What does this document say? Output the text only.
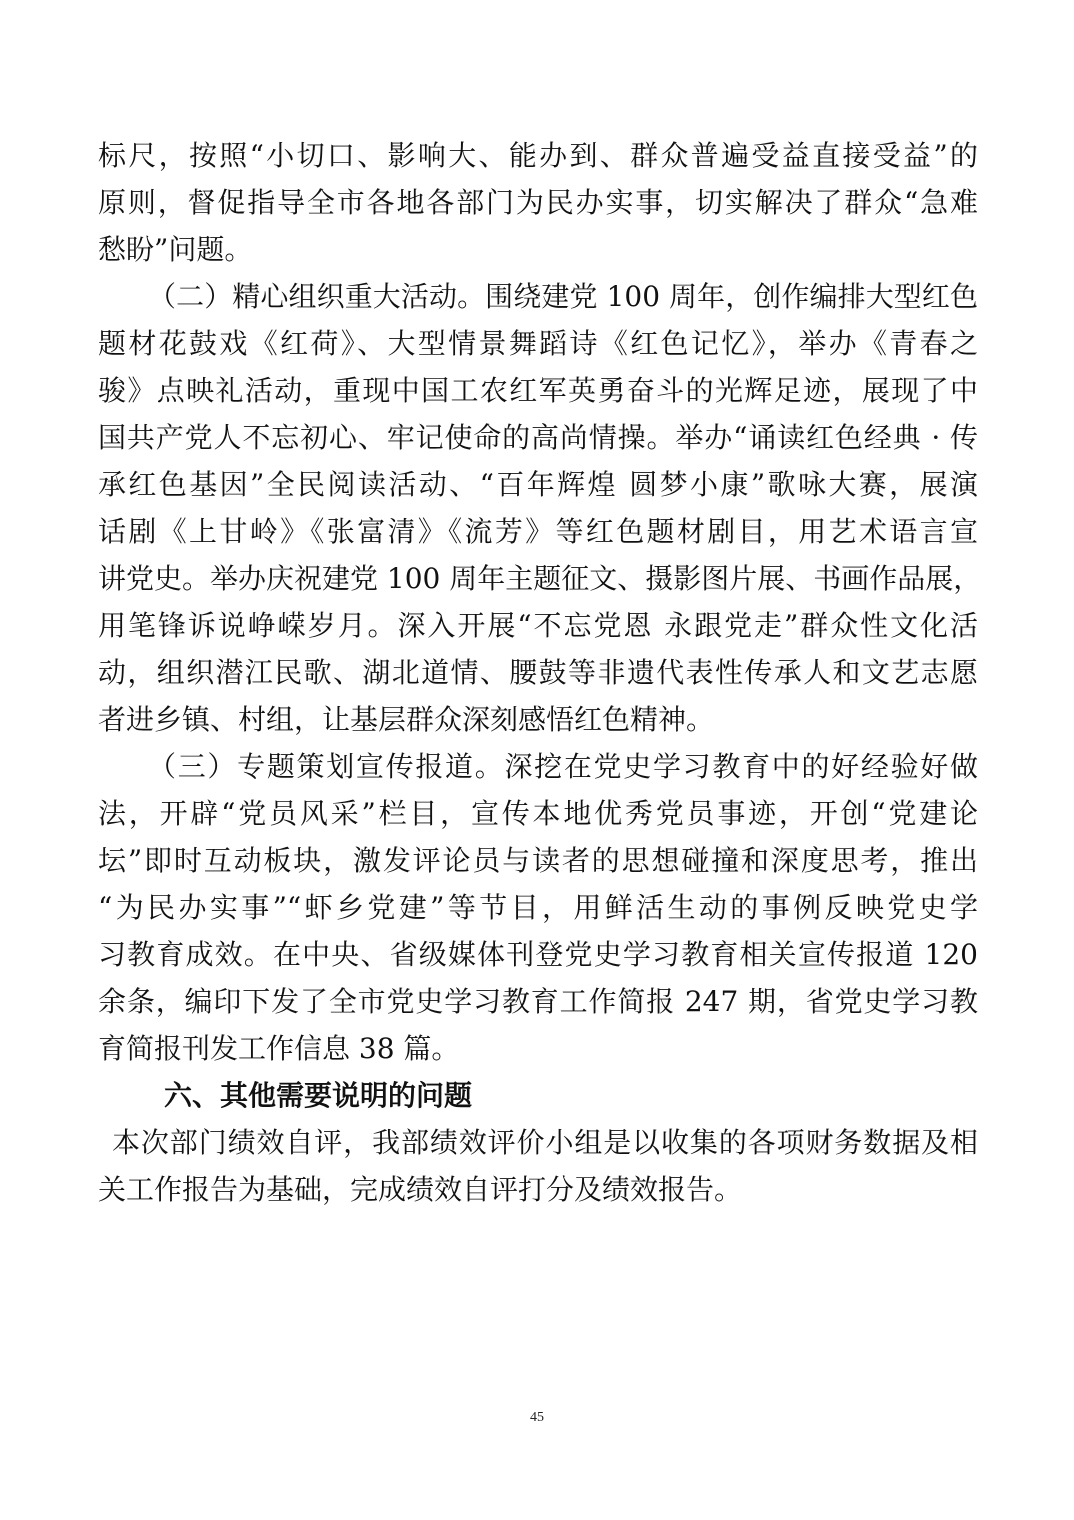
标尺，按照“小切口、影响大、能办到、群众普遍受益直接受益”的
原则，督促指导全市各地各部门为民办实事，切实解决了群众“急难
愁盼”问题。
（二）精心组织重大活动。围绕建党 100 周年，创作编排大型红色
题材花鼓戏《红荷》、大型情景舞蹈诗《红色记忆》，举办《青春之
骏》点映礼活动，重现中国工农红军英勇奋斗的光辉足迹，展现了中
国共产党人不忘初心、牢记使命的高尚情操。举办“诵读红色经典 · 传
承红色基因”全民阅读活动、“百年辉煌 圆梦小康”歌咏大赛，展演
话剧《上甘岭》《张富清》《流芳》等红色题材剧目，用艺术语言宣
讲党史。举办庆祝建党 100 周年主题征文、摄影图片展、书画作品展，
用笔锋诉说峥嵘岁月。深入开展“不忘党恩 永跟党走”群众性文化活
动，组织潜江民歌、湖北道情、腰鼓等非遗代表性传承人和文艺志愿
者进乡镇、村组，让基层群众深刻感悟红色精神。
（三）专题策划宣传报道。深挖在党史学习教育中的好经验好做
法，开辟“党员风采”栏目，宣传本地优秀党员事迹，开创“党建论
坛”即时互动板块，激发评论员与读者的思想碰撞和深度思考，推出
“为民办实事”“虾乡党建”等节目，用鲜活生动的事例反映党史学
习教育成效。在中央、省级媒体刊登党史学习教育相关宣传报道 120
余条，编印下发了全市党史学习教育工作简报 247 期，省党史学习教
育简报刊发工作信息 38 篇。
六、其他需要说明的问题
本次部门绩效自评，我部绩效评价小组是以收集的各项财务数据及相
关工作报告为基础，完成绩效自评打分及绩效报告。
45
